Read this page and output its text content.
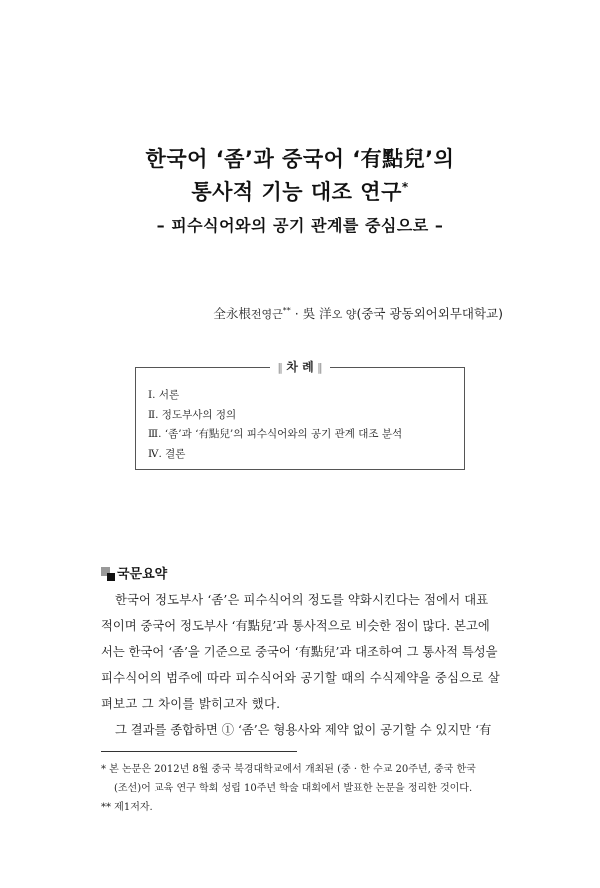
한국어 ‘좀’과 중국어 ‘有點兒’의
통사적 기능 대조 연구*
– 피수식어와의 공기 관계를 중심으로 –
全永根전영근** · 吳 洋오 양(중국 광동외어외무대학교)
‖ 차 례 ‖
Ⅰ. 서론
Ⅱ. 정도부사의 정의
Ⅲ. ‘좀’과 ‘有點兒’의 피수식어와의 공기 관계 대조 분석
Ⅳ. 결론
국문요약
한국어 정도부사 ‘좀’은 피수식어의 정도를 약화시킨다는 점에서 대표
적이며 중국어 정도부사 ‘有點兒’과 통사적으로 비슷한 점이 많다. 본고에
서는 한국어 ‘좀’을 기준으로 중국어 ‘有點兒’과 대조하여 그 통사적 특성을
피수식어의 범주에 따라 피수식어와 공기할 때의 수식제약을 중심으로 살
펴보고 그 차이를 밝히고자 했다.
그 결과를 종합하면 ① ‘좀’은 형용사와 제약 없이 공기할 수 있지만 ‘有
* 본 논문은 2012년 8월 중국 북경대학교에서 개최된 (중 · 한 수교 20주년, 중국 한국
(조선)어 교육 연구 학회 성립 10주년 학술 대회에서 발표한 논문을 정리한 것이다.
** 제1저자.
